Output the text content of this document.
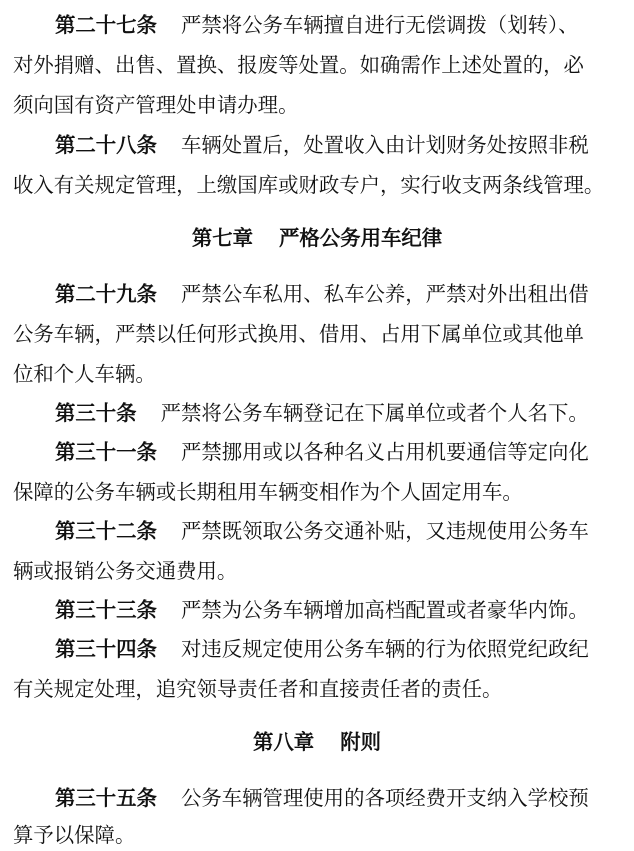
第二十七条 严禁将公务车辆擅自进行无偿调拨（划转）、
对外捐赠、出售、置换、报废等处置。如确需作上述处置的，必
须向国有资产管理处申请办理。
第二十八条 车辆处置后，处置收入由计划财务处按照非税
收入有关规定管理，上缴国库或财政专户，实行收支两条线管理。
第七章 严格公务用车纪律
第二十九条 严禁公车私用、私车公养，严禁对外出租出借
公务车辆，严禁以任何形式换用、借用、占用下属单位或其他单
位和个人车辆。
第三十条 严禁将公务车辆登记在下属单位或者个人名下。
第三十一条 严禁挪用或以各种名义占用机要通信等定向化
保障的公务车辆或长期租用车辆变相作为个人固定用车。
第三十二条 严禁既领取公务交通补贴，又违规使用公务车
辆或报销公务交通费用。
第三十三条 严禁为公务车辆增加高档配置或者豪华内饰。
第三十四条 对违反规定使用公务车辆的行为依照党纪政纪
有关规定处理，追究领导责任者和直接责任者的责任。
第八章 附则
第三十五条 公务车辆管理使用的各项经费开支纳入学校预
算予以保障。
